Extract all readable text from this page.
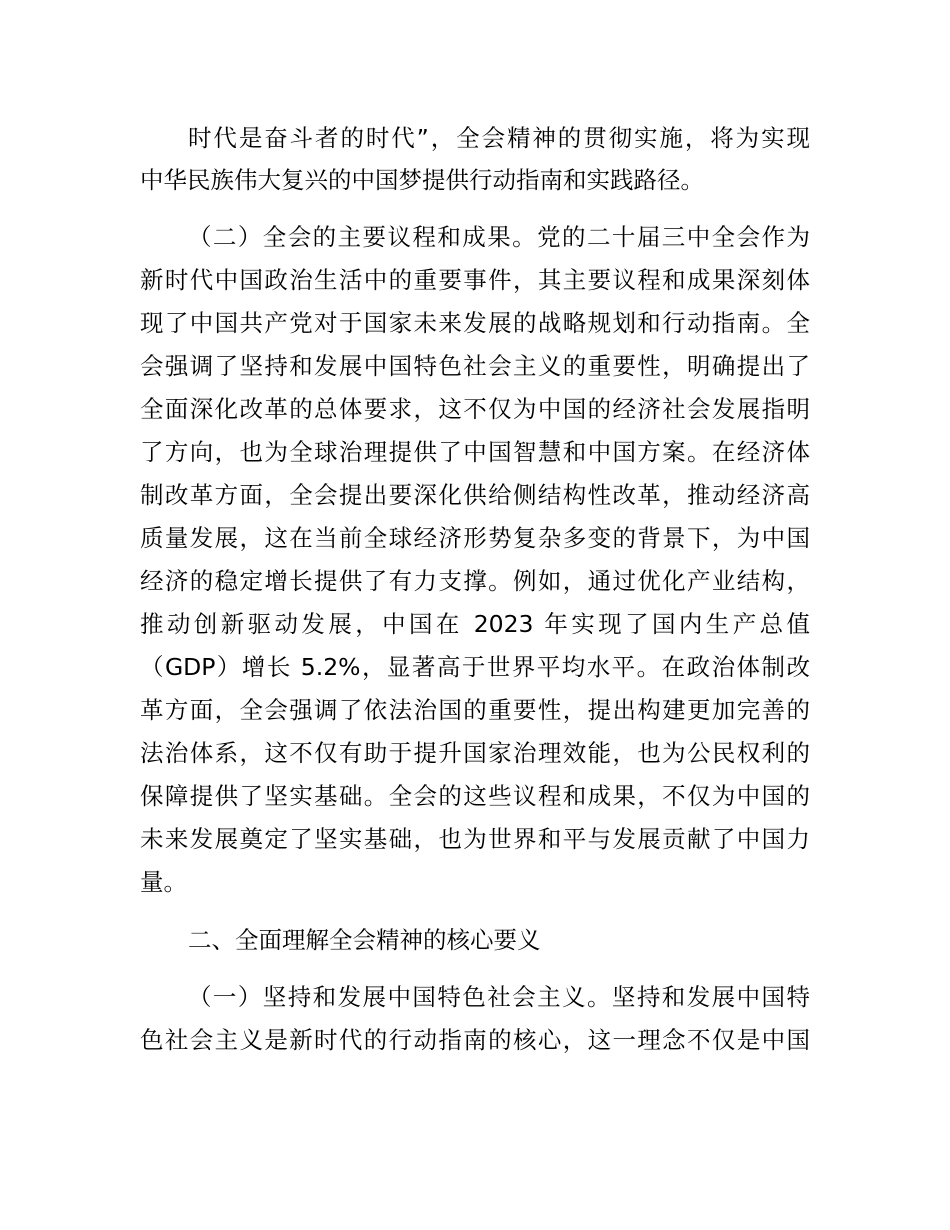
时代是奋斗者的时代”，全会精神的贯彻实施，将为实现
中华民族伟大复兴的中国梦提供行动指南和实践路径。
（二）全会的主要议程和成果。党的二十届三中全会作为
新时代中国政治生活中的重要事件，其主要议程和成果深刻体
现了中国共产党对于国家未来发展的战略规划和行动指南。全
会强调了坚持和发展中国特色社会主义的重要性，明确提出了
全面深化改革的总体要求，这不仅为中国的经济社会发展指明
了方向，也为全球治理提供了中国智慧和中国方案。在经济体
制改革方面，全会提出要深化供给侧结构性改革，推动经济高
质量发展，这在当前全球经济形势复杂多变的背景下，为中国
经济的稳定增长提供了有力支撑。例如，通过优化产业结构，
推动创新驱动发展，中国在 2023 年实现了国内生产总值
（GDP）增长 5.2%，显著高于世界平均水平。在政治体制改
革方面，全会强调了依法治国的重要性，提出构建更加完善的
法治体系，这不仅有助于提升国家治理效能，也为公民权利的
保障提供了坚实基础。全会的这些议程和成果，不仅为中国的
未来发展奠定了坚实基础，也为世界和平与发展贡献了中国力
量。
二、全面理解全会精神的核心要义
（一）坚持和发展中国特色社会主义。坚持和发展中国特
色社会主义是新时代的行动指南的核心，这一理念不仅是中国
